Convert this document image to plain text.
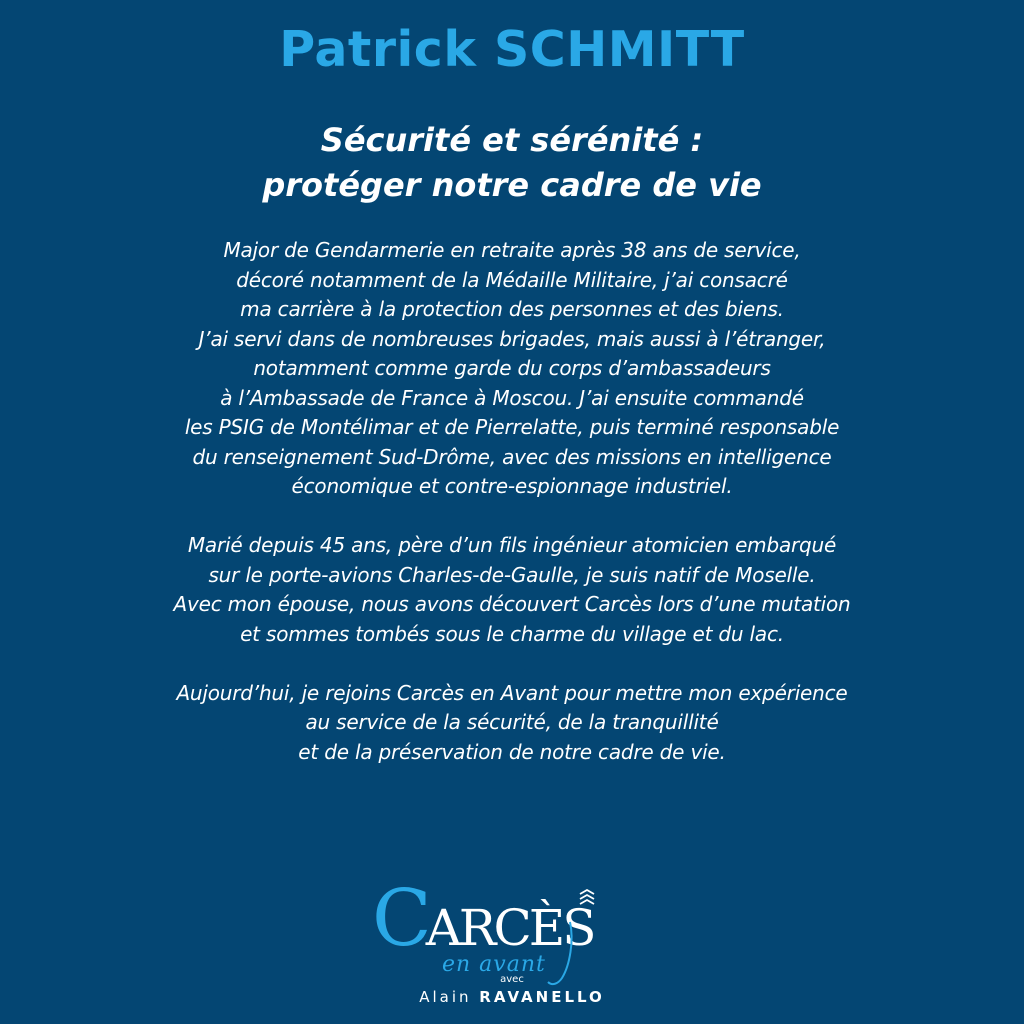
Patrick SCHMITT
Sécurité et sérénité :
protéger notre cadre de vie
Major de Gendarmerie en retraite après 38 ans de service,
décoré notamment de la Médaille Militaire, j’ai consacré
ma carrière à la protection des personnes et des biens.
J’ai servi dans de nombreuses brigades, mais aussi à l’étranger,
notamment comme garde du corps d’ambassadeurs
à l’Ambassade de France à Moscou. J’ai ensuite commandé
les PSIG de Montélimar et de Pierrelatte, puis terminé responsable
du renseignement Sud-Drôme, avec des missions en intelligence
économique et contre-espionnage industriel.
Marié depuis 45 ans, père d’un fils ingénieur atomicien embarqué
sur le porte-avions Charles-de-Gaulle, je suis natif de Moselle.
Avec mon épouse, nous avons découvert Carcès lors d’une mutation
et sommes tombés sous le charme du village et du lac.
Aujourd’hui, je rejoins Carcès en Avant pour mettre mon expérience
au service de la sécurité, de la tranquillité
et de la préservation de notre cadre de vie.
CARCÈS
en avant
avec
Alain RAVANELLO
